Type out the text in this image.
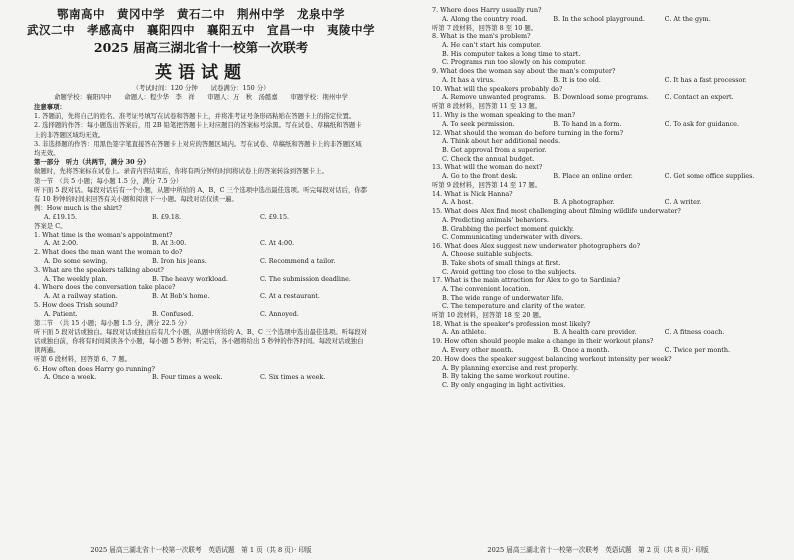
鄂南高中　黄冈中学　黄石二中　荆州中学　龙泉中学
武汉二中　孝感高中　襄阳四中　襄阳五中　宜昌一中　夷陵中学
2025 届高三湖北省十一校第一次联考
英语试题
（考试时间：120 分钟　　试卷满分：150 分）
命题学校：襄阳四中　　命题人：程少华　李　祥　　审题人：万　秋　汤懿嘉　　审题学校：荆州中学
注意事项：
1. 答题前，先将自己的姓名、准考证号填写在试卷和答题卡上，并将准考证号条形码粘贴在答题卡上的指定位置。
2. 选择题的作答：每小题选出答案后，用 2B 铅笔把答题卡上对应题目的答案标号涂黑。写在试卷、草稿纸和答题卡上的非答题区域均无效。
3. 非选择题的作答：用黑色签字笔直接答在答题卡上对应的答题区域内。写在试卷、草稿纸和答题卡上的非答题区域均无效。
第一部分　听力（共两节，满分 30 分）
做题时，先将答案标在试卷上。录音内容结束后，你将有两分钟的时间将试卷上的答案转涂到答题卡上。
第一节　（共 5 小题；每小题 1.5 分，满分 7.5 分）
听下面 5 段对话。每段对话后有一个小题，从题中所给的 A、B、C 三个选项中选出最佳选项。听完每段对话后，你都有 10 秒钟的时间来回答有关小题和阅读下一小题。每段对话仅读一遍。
例：How much is the shirt?
A. £19.15.	B. £9.18.	C. £9.15.
答案是 C。
1. What time is the woman's appointment?
A. At 2:00.	B. At 3:00.	C. At 4:00.
2. What does the man want the woman to do?
A. Do some sewing.	B. Iron his jeans.	C. Recommend a tailor.
3. What are the speakers talking about?
A. The weekly plan.	B. The heavy workload.	C. The submission deadline.
4. Where does the conversation take place?
A. At a railway station.	B. At Bob's home.	C. At a restaurant.
5. How does Trish sound?
A. Patient.	B. Confused.	C. Annoyed.
第二节　（共 15 小题；每小题 1.5 分，满分 22.5 分）
听下面 5 段对话或独白。每段对话或独白后有几个小题，从题中所给的 A、B、C 三个选项中选出最佳选项。听每段对话或独白前，你将有时间阅读各个小题，每小题 5 秒钟；听完后，各小题将给出 5 秒钟的作答时间。每段对话或独白读两遍。
听第 6 段材料，回答第 6、7 题。
6. How often does Harry go running?
A. Once a week.	B. Four times a week.	C. Six times a week.
2025 届高三湖北省十一校第一次联考　英语试题　第 1 页（共 8 页）· 印版
7. Where does Harry usually run?
A. Along the country road.	B. In the school playground.	C. At the gym.
听第 7 段材料，回答第 8 至 10 题。
8. What is the man's problem?
A. He can't start his computer.
B. His computer takes a long time to start.
C. Programs run too slowly on his computer.
9. What does the woman say about the man's computer?
A. It has a virus.	B. It is too old.	C. It has a fast processor.
10. What will the speakers probably do?
A. Remove unwanted programs.	B. Download some programs.	C. Contact an expert.
听第 8 段材料，回答第 11 至 13 题。
11. Why is the woman speaking to the man?
A. To seek permission.	B. To hand in a form.	C. To ask for guidance.
12. What should the woman do before turning in the form?
A. Think about her additional needs.
B. Get approval from a superior.
C. Check the annual budget.
13. What will the woman do next?
A. Go to the front desk.	B. Place an online order.	C. Get some office supplies.
听第 9 段材料，回答第 14 至 17 题。
14. What is Nick Hanna?
A. A host.	B. A photographer.	C. A writer.
15. What does Alex find most challenging about filming wildlife underwater?
A. Predicting animals' behaviors.
B. Grabbing the perfect moment quickly.
C. Communicating underwater with divers.
16. What does Alex suggest new underwater photographers do?
A. Choose suitable subjects.
B. Take shots of small things at first.
C. Avoid getting too close to the subjects.
17. What is the main attraction for Alex to go to Sardinia?
A. The convenient location.
B. The wide range of underwater life.
C. The temperature and clarity of the water.
听第 10 段材料，回答第 18 至 20 题。
18. What is the speaker's profession most likely?
A. An athlete.	B. A health care provider.	C. A fitness coach.
19. How often should people make a change in their workout plans?
A. Every other month.	B. Once a month.	C. Twice per month.
20. How does the speaker suggest balancing workout intensity per week?
A. By planning exercise and rest properly.
B. By taking the same workout routine.
C. By only engaging in light activities.
2025 届高三湖北省十一校第一次联考　英语试题　第 2 页（共 8 页）· 印版
